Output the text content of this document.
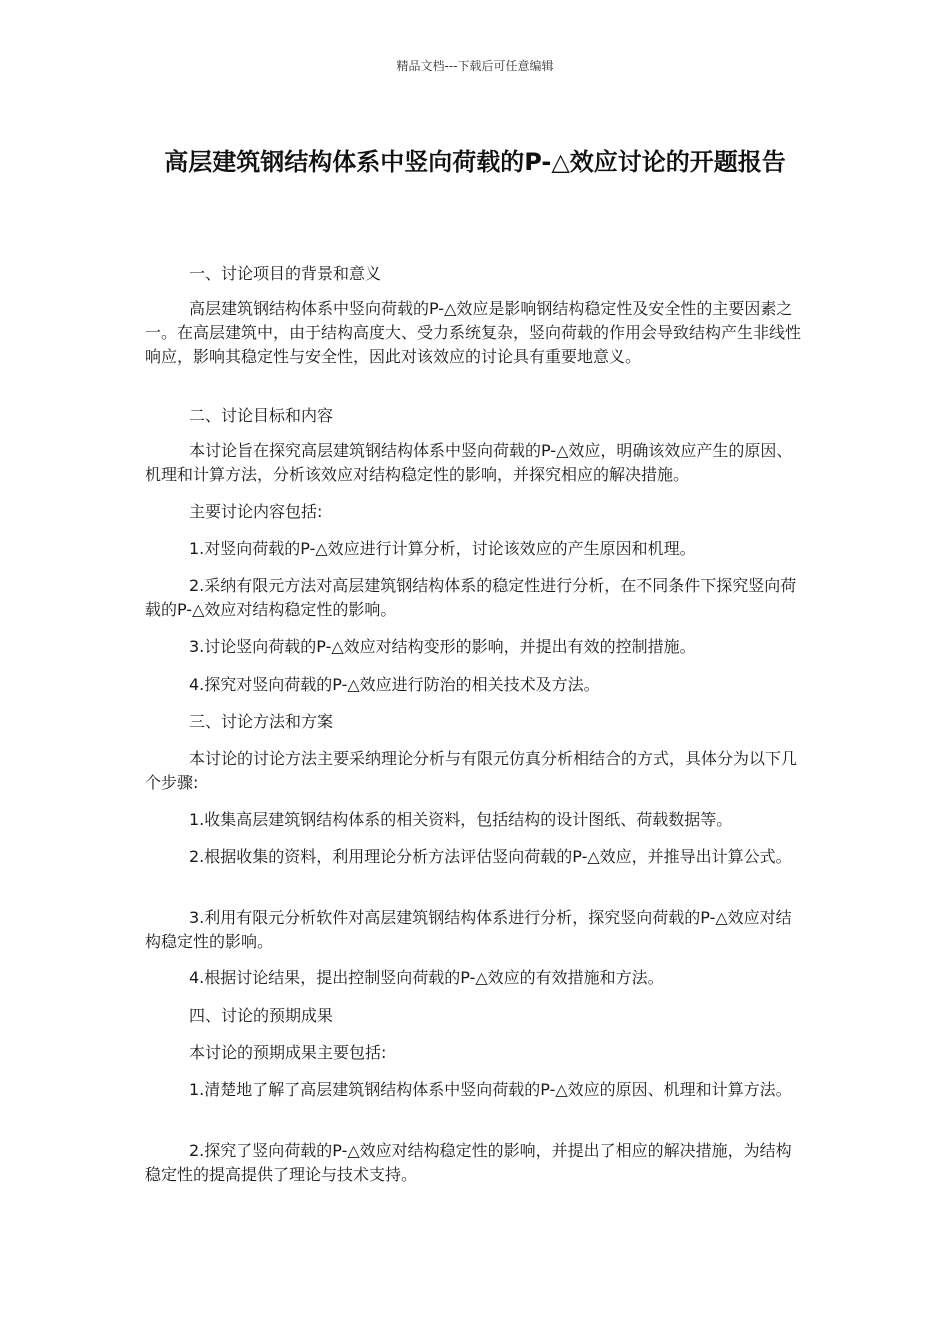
精品文档---下载后可任意编辑
高层建筑钢结构体系中竖向荷载的P-△效应讨论的开题报告

一、讨论项目的背景和意义

高层建筑钢结构体系中竖向荷载的P-△效应是影响钢结构稳定性及安全性的主要因素之一。在高层建筑中，由于结构高度大、受力系统复杂，竖向荷载的作用会导致结构产生非线性响应，影响其稳定性与安全性，因此对该效应的讨论具有重要地意义。

二、讨论目标和内容

本讨论旨在探究高层建筑钢结构体系中竖向荷载的P-△效应，明确该效应产生的原因、机理和计算方法，分析该效应对结构稳定性的影响，并探究相应的解决措施。

主要讨论内容包括:

1.对竖向荷载的P-△效应进行计算分析，讨论该效应的产生原因和机理。

2.采纳有限元方法对高层建筑钢结构体系的稳定性进行分析，在不同条件下探究竖向荷载的P-△效应对结构稳定性的影响。

3.讨论竖向荷载的P-△效应对结构变形的影响，并提出有效的控制措施。

4.探究对竖向荷载的P-△效应进行防治的相关技术及方法。

三、讨论方法和方案

本讨论的讨论方法主要采纳理论分析与有限元仿真分析相结合的方式，具体分为以下几个步骤:

1.收集高层建筑钢结构体系的相关资料，包括结构的设计图纸、荷载数据等。

2.根据收集的资料，利用理论分析方法评估竖向荷载的P-△效应，并推导出计算公式。

3.利用有限元分析软件对高层建筑钢结构体系进行分析，探究竖向荷载的P-△效应对结构稳定性的影响。

4.根据讨论结果，提出控制竖向荷载的P-△效应的有效措施和方法。

四、讨论的预期成果

本讨论的预期成果主要包括:

1.清楚地了解了高层建筑钢结构体系中竖向荷载的P-△效应的原因、机理和计算方法。

2.探究了竖向荷载的P-△效应对结构稳定性的影响，并提出了相应的解决措施，为结构稳定性的提高提供了理论与技术支持。
